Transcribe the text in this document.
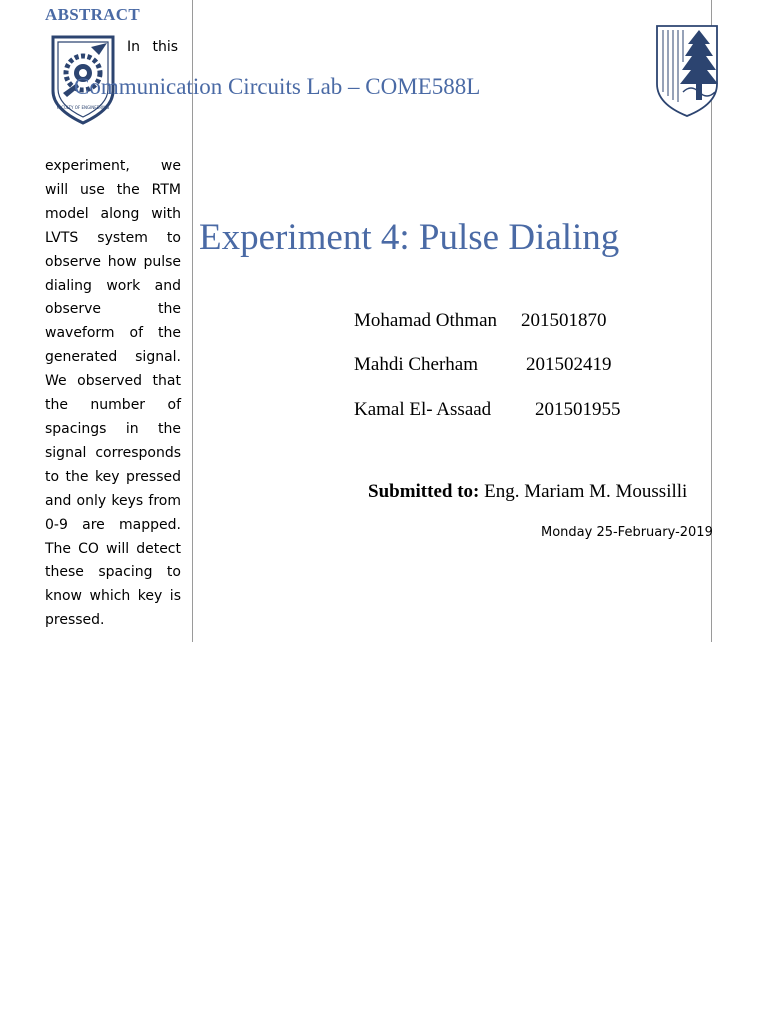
ABSTRACT
FACULTY OF ENGINEERING
In this
Communication Circuits Lab – COME588L
experiment, we will use the RTM model along with LVTS system to observe how pulse dialing work and observe the waveform of the generated signal. We observed that the number of spacings in the signal corresponds to the key pressed and only keys from 0-9 are mapped. The CO will detect these spacing to know which key is pressed.
Experiment 4: Pulse Dialing
Mohamad Othman 201501870
Mahdi Cherham	201502419
Kamal El- Assaad 201501955
Submitted to: Eng. Mariam M. Moussilli
Monday 25-February-2019
